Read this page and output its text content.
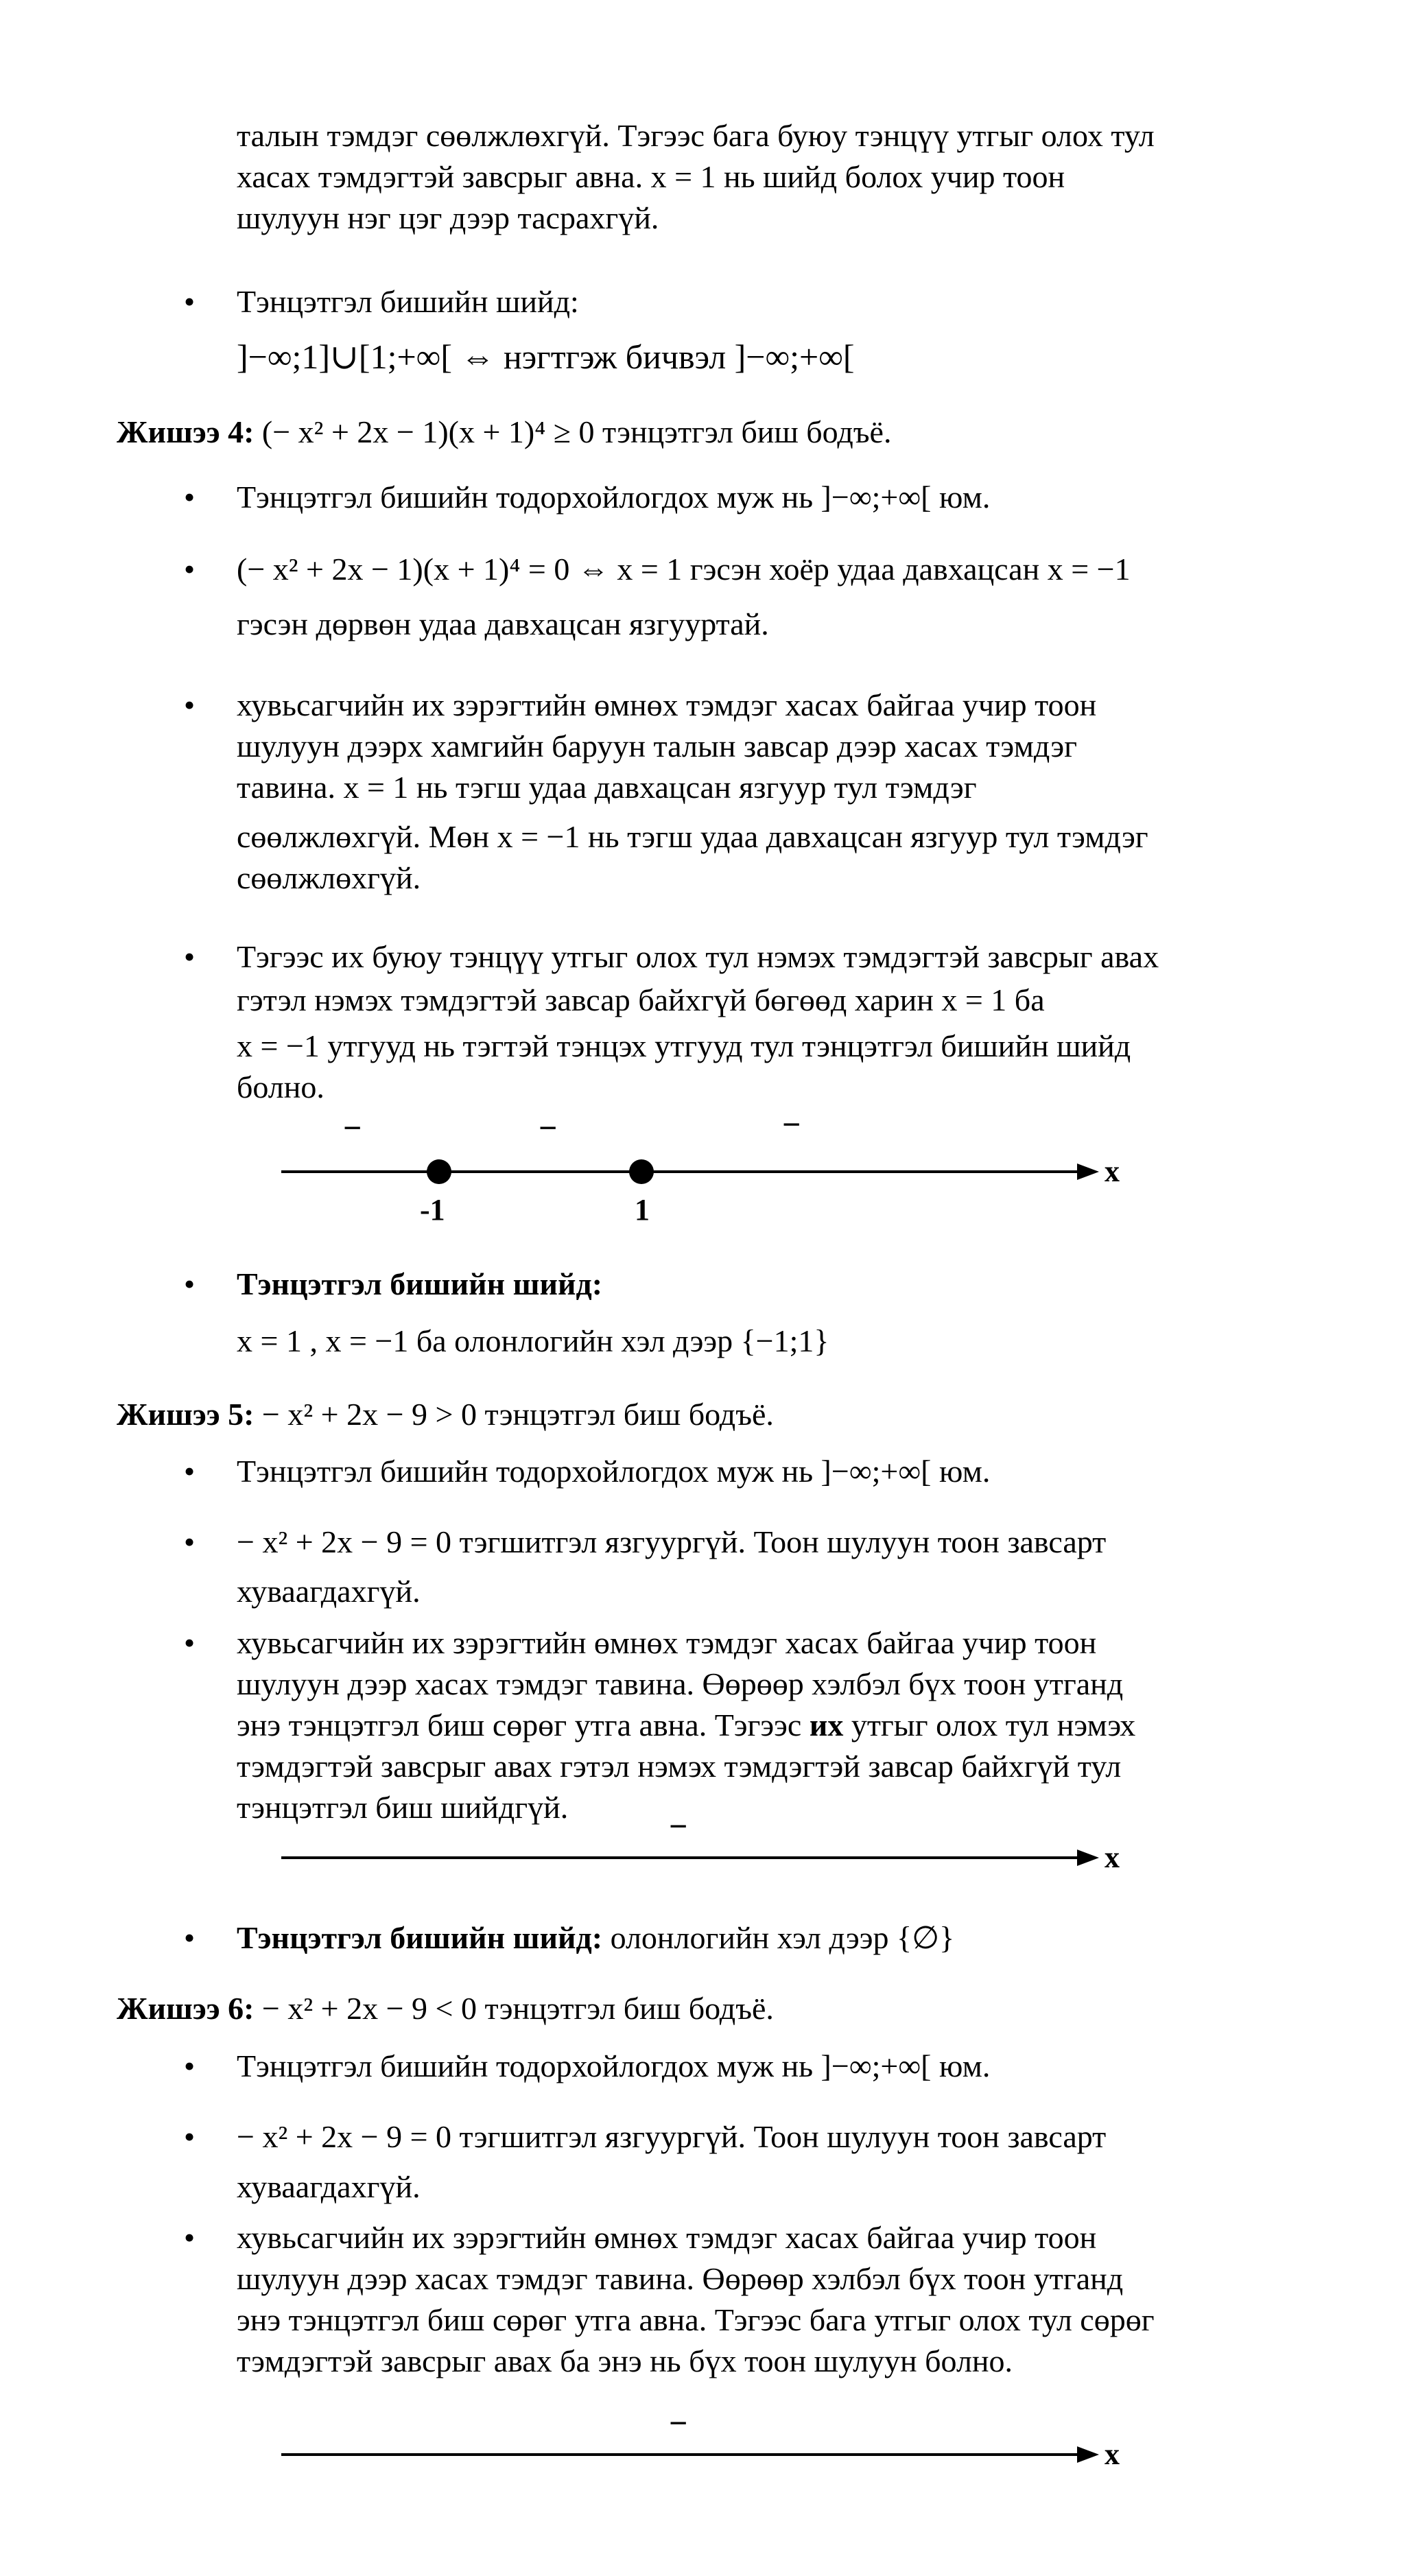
талын тэмдэг сөөлжлөхгүй. Тэгээс бага буюу тэнцүү утгыг олох тул
хасах тэмдэгтэй завсрыг авна. x = 1 нь шийд болох учир тоон
шулуун нэг цэг дээр тасрахгүй.
• Тэнцэтгэл бишийн шийд:
]−∞;1]∪[1;+∞[ ⇔ нэгтгэж бичвэл ]−∞;+∞[
Жишээ 4: (− x² + 2x − 1)(x + 1)⁴ ≥ 0 тэнцэтгэл биш бодъё.
• Тэнцэтгэл бишийн тодорхойлогдох муж нь ]−∞;+∞[ юм.
• (− x² + 2x − 1)(x + 1)⁴ = 0 ⇔ x = 1 гэсэн хоёр удаа давхацсан x = −1
гэсэн дөрвөн удаа давхацсан язгууртай.
• хувьсагчийн их зэрэгтийн өмнөх тэмдэг хасах байгаа учир тоон
шулуун дээрх хамгийн баруун талын завсар дээр хасах тэмдэг
тавина. x = 1 нь тэгш удаа давхацсан язгуур тул тэмдэг
сөөлжлөхгүй. Мөн x = −1 нь тэгш удаа давхацсан язгуур тул тэмдэг
сөөлжлөхгүй.
• Тэгээс их буюу тэнцүү утгыг олох тул нэмэх тэмдэгтэй завсрыг авах
гэтэл нэмэх тэмдэгтэй завсар байхгүй бөгөөд харин x = 1 ба
x = −1 утгууд нь тэгтэй тэнцэх утгууд тул тэнцэтгэл бишийн шийд
болно.
x
−	−	−
-1	1
• Тэнцэтгэл бишийн шийд:
x = 1 , x = −1 ба олонлогийн хэл дээр {−1;1}
Жишээ 5: − x² + 2x − 9 > 0 тэнцэтгэл биш бодъё.
• Тэнцэтгэл бишийн тодорхойлогдох муж нь ]−∞;+∞[ юм.
• − x² + 2x − 9 = 0 тэгшитгэл язгуургүй. Тоон шулуун тоон завсарт
хуваагдахгүй.
• хувьсагчийн их зэрэгтийн өмнөх тэмдэг хасах байгаа учир тоон
шулуун дээр хасах тэмдэг тавина. Өөрөөр хэлбэл бүх тоон утганд
энэ тэнцэтгэл биш сөрөг утга авна. Тэгээс их утгыг олох тул нэмэх
тэмдэгтэй завсрыг авах гэтэл нэмэх тэмдэгтэй завсар байхгүй тул
тэнцэтгэл биш шийдгүй.
−
x
• Тэнцэтгэл бишийн шийд: олонлогийн хэл дээр {∅}
Жишээ 6: − x² + 2x − 9 < 0 тэнцэтгэл биш бодъё.
• Тэнцэтгэл бишийн тодорхойлогдох муж нь ]−∞;+∞[ юм.
• − x² + 2x − 9 = 0 тэгшитгэл язгуургүй. Тоон шулуун тоон завсарт
хуваагдахгүй.
• хувьсагчийн их зэрэгтийн өмнөх тэмдэг хасах байгаа учир тоон
шулуун дээр хасах тэмдэг тавина. Өөрөөр хэлбэл бүх тоон утганд
энэ тэнцэтгэл биш сөрөг утга авна. Тэгээс бага утгыг олох тул сөрөг
тэмдэгтэй завсрыг авах ба энэ нь бүх тоон шулуун болно.
−
x
